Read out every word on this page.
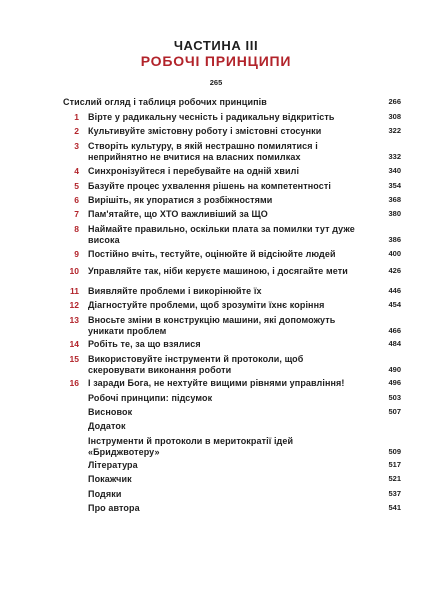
ЧАСТИНА III
РОБОЧІ ПРИНЦИПИ
265
Стислий огляд і таблиця робочих принципів	266
1 Вірте у радикальну чесність і радикальну відкритість	308
2 Культивуйте змістовну роботу і змістовні стосунки	322
3 Створіть культуру, в якій нестрашно помилятися і неприйнятно не вчитися на власних помилках	332
4 Синхронізуйтеся і перебувайте на одній хвилі	340
5 Базуйте процес ухвалення рішень на компетентності	354
6 Вирішіть, як упоратися з розбіжностями	368
7 Пам'ятайте, що ХТО важливіший за ЩО	380
8 Наймайте правильно, оскільки плата за помилки тут дуже висока	386
9 Постійно вчіть, тестуйте, оцінюйте й відсіюйте людей	400
10 Управляйте так, ніби керуєте машиною, і досягайте мети	426
11 Виявляйте проблеми і викорінюйте їх	446
12 Діагностуйте проблеми, щоб зрозуміти їхнє коріння	454
13 Вносьте зміни в конструкцію машини, які допоможуть уникати проблем	466
14 Робіть те, за що взялися	484
15 Використовуйте інструменти й протоколи, щоб скеровувати виконання роботи	490
16 І заради Бога, не нехтуйте вищими рівнями управління!	496
Робочі принципи: підсумок	503
Висновок	507
Додаток
Інструменти й протоколи в меритократії ідей «Бриджвотеру»	509
Література	517
Покажчик	521
Подяки	537
Про автора	541
